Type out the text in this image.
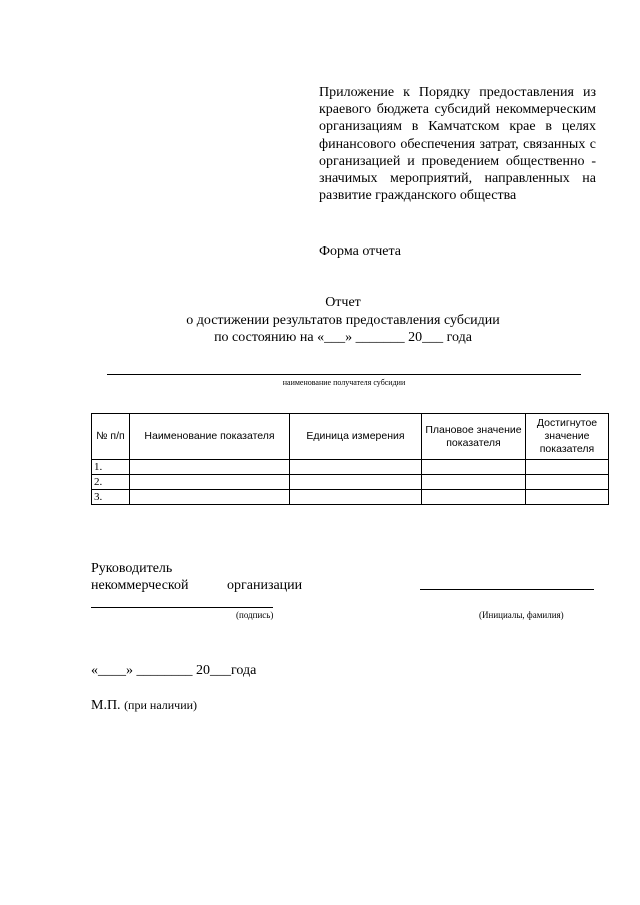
Приложение к Порядку предоставления из краевого бюджета субсидий некоммерческим организациям в Камчатском крае в целях финансового обеспечения затрат, связанных с организацией и проведением общественно - значимых мероприятий, направленных на развитие гражданского общества
Форма отчета
Отчет
о достижении результатов предоставления субсидии
по состоянию на «___» _______ 20___ года
наименование получателя субсидии
№ п/п	Наименование показателя	Единица измерения	Плановое значение показателя	Достигнутое значение показателя
1.				
2.				
3.				
Руководитель
некоммерческой	организации
(подпись)	(Инициалы, фамилия)
«____» ________ 20___года
М.П. (при наличии)
